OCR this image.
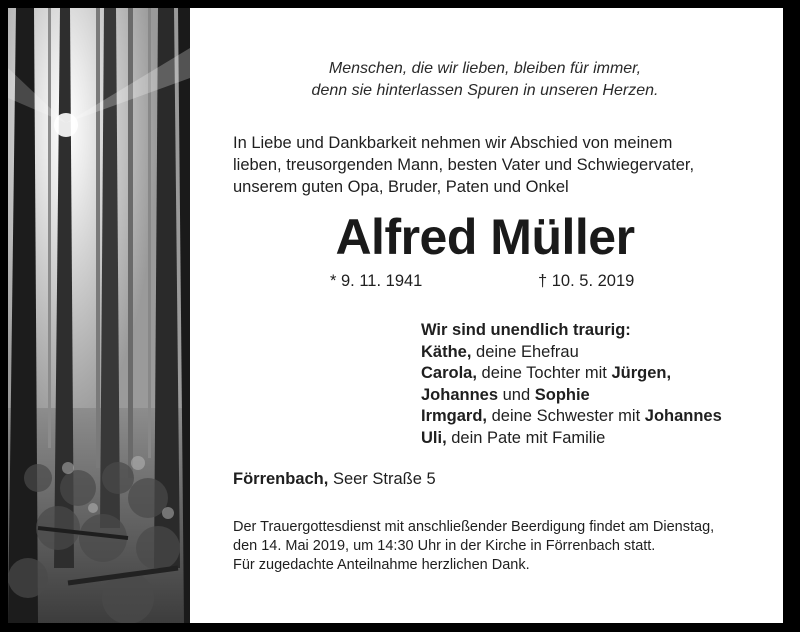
Menschen, die wir lieben, bleiben für immer,
denn sie hinterlassen Spuren in unseren Herzen.
In Liebe und Dankbarkeit nehmen wir Abschied von meinem
lieben, treusorgenden Mann, besten Vater und Schwiegervater,
unserem guten Opa, Bruder, Paten und Onkel
Alfred Müller
* 9. 11. 1941	† 10. 5. 2019
Wir sind unendlich traurig:
Käthe, deine Ehefrau
Carola, deine Tochter mit Jürgen,
Johannes und Sophie
Irmgard, deine Schwester mit Johannes
Uli, dein Pate mit Familie
Förrenbach, Seer Straße 5
Der Trauergottesdienst mit anschließender Beerdigung findet am Dienstag,
den 14. Mai 2019, um 14:30 Uhr in der Kirche in Förrenbach statt.
Für zugedachte Anteilnahme herzlichen Dank.
